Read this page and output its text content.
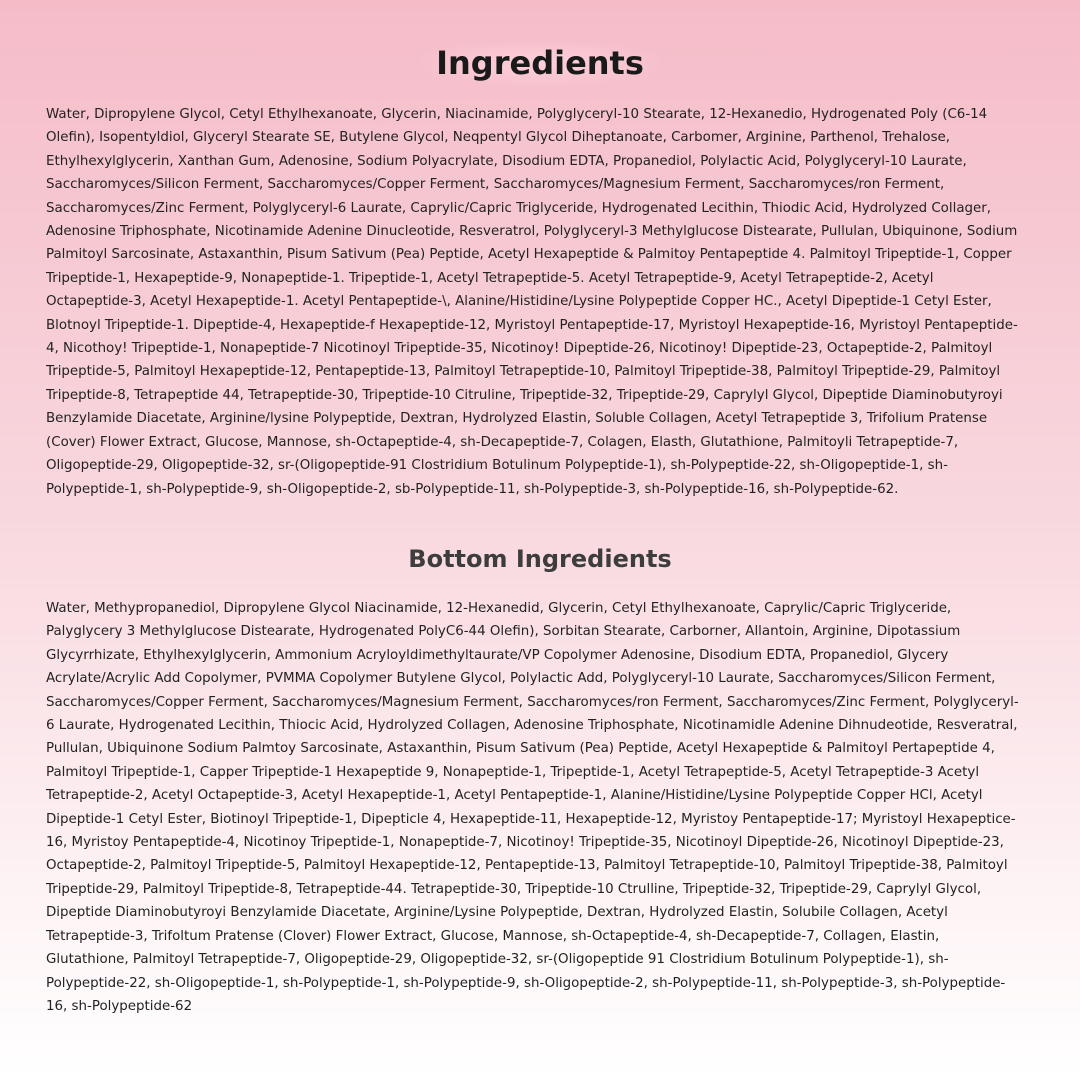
Ingredients

Water, Dipropylene Glycol, Cetyl Ethylhexanoate, Glycerin, Niacinamide, Polyglyceryl-10 Stearate, 12-Hexanedio, Hydrogenated Poly (C6-14 Olefin), Isopentyldiol, Glyceryl Stearate SE, Butylene Glycol, Neqpentyl Glycol Diheptanoate, Carbomer, Arginine, Parthenol, Trehalose, Ethylhexylglycerin, Xanthan Gum, Adenosine, Sodium Polyacrylate, Disodium EDTA, Propanediol, Polylactic Acid, Polyglyceryl-10 Laurate, Saccharomyces/Silicon Ferment, Saccharomyces/Copper Ferment, Saccharomyces/Magnesium Ferment, Saccharomyces/ron Ferment, Saccharomyces/Zinc Ferment, Polyglyceryl-6 Laurate, Caprylic/Capric Triglyceride, Hydrogenated Lecithin, Thiodic Acid, Hydrolyzed Collager, Adenosine Triphosphate, Nicotinamide Adenine Dinucleotide, Resveratrol, Polyglyceryl-3 Methylglucose Distearate, Pullulan, Ubiquinone, Sodium Palmitoyl Sarcosinate, Astaxanthin, Pisum Sativum (Pea) Peptide, Acetyl Hexapeptide & Palmitoy Pentapeptide 4. Palmitoyl Tripeptide-1, Copper Tripeptide-1, Hexapeptide-9, Nonapeptide-1. Tripeptide-1, Acetyl Tetrapeptide-5. Acetyl Tetrapeptide-9, Acetyl Tetrapeptide-2, Acetyl Octapeptide-3, Acetyl Hexapeptide-1. Acetyl Pentapeptide-\, Alanine/Histidine/Lysine Polypeptide Copper HC., Acetyl Dipeptide-1 Cetyl Ester, Blotnoyl Tripeptide-1. Dipeptide-4, Hexapeptide-f Hexapeptide-12, Myristoyl Pentapeptide-17, Myristoyl Hexapeptide-16, Myristoyl Pentapeptide-4, Nicothoy! Tripeptide-1, Nonapeptide-7 Nicotinoyl Tripeptide-35, Nicotinoy! Dipeptide-26, Nicotinoy! Dipeptide-23, Octapeptide-2, Palmitoyl Tripeptide-5, Palmitoyl Hexapeptide-12, Pentapeptide-13, Palmitoyl Tetrapeptide-10, Palmitoyl Tripeptide-38, Palmitoyl Tripeptide-29, Palmitoyl Tripeptide-8, Tetrapeptide 44, Tetrapeptide-30, Tripeptide-10 Citruline, Tripeptide-32, Tripeptide-29, Caprylyl Glycol, Dipeptide Diaminobutyroyi Benzylamide Diacetate, Arginine/lysine Polypeptide, Dextran, Hydrolyzed Elastin, Soluble Collagen, Acetyl Tetrapeptide 3, Trifolium Pratense (Cover) Flower Extract, Glucose, Mannose, sh-Octapeptide-4, sh-Decapeptide-7, Colagen, Elasth, Glutathione, Palmitoyli Tetrapeptide-7, Oligopeptide-29, Oligopeptide-32, sr-(Oligopeptide-91 Clostridium Botulinum Polypeptide-1), sh-Polypeptide-22, sh-Oligopeptide-1, sh-Polypeptide-1, sh-Polypeptide-9, sh-Oligopeptide-2, sb-Polypeptide-11, sh-Polypeptide-3, sh-Polypeptide-16, sh-Polypeptide-62.

Bottom Ingredients

Water, Methypropanediol, Dipropylene Glycol Niacinamide, 12-Hexanedid, Glycerin, Cetyl Ethylhexanoate, Caprylic/Capric Triglyceride, Palyglycery 3 Methylglucose Distearate, Hydrogenated PolyC6-44 Olefin), Sorbitan Stearate, Carborner, Allantoin, Arginine, Dipotassium Glycyrrhizate, Ethylhexylglycerin, Ammonium Acryloyldimethyltaurate/VP Copolymer Adenosine, Disodium EDTA, Propanediol, Glycery Acrylate/Acrylic Add Copolymer, PVMMA Copolymer Butylene Glycol, Polylactic Add, Polyglyceryl-10 Laurate, Saccharomyces/Silicon Ferment, Saccharomyces/Copper Ferment, Saccharomyces/Magnesium Ferment, Saccharomyces/ron Ferment, Saccharomyces/Zinc Ferment, Polyglyceryl-6 Laurate, Hydrogenated Lecithin, Thiocic Acid, Hydrolyzed Collagen, Adenosine Triphosphate, Nicotinamidle Adenine Dihnudeotide, Resveratral, Pullulan, Ubiquinone Sodium Palmtoy Sarcosinate, Astaxanthin, Pisum Sativum (Pea) Peptide, Acetyl Hexapeptide & Palmitoyl Pertapeptide 4, Palmitoyl Tripeptide-1, Capper Tripeptide-1 Hexapeptide 9, Nonapeptide-1, Tripeptide-1, Acetyl Tetrapeptide-5, Acetyl Tetrapeptide-3 Acetyl Tetrapeptide-2, Acetyl Octapeptide-3, Acetyl Hexapeptide-1, Acetyl Pentapeptide-1, Alanine/Histidine/Lysine Polypeptide Copper HCl, Acetyl Dipeptide-1 Cetyl Ester, Biotinoyl Tripeptide-1, Dipepticle 4, Hexapeptide-11, Hexapeptide-12, Myristoy Pentapeptide-17; Myristoyl Hexapeptice-16, Myristoy Pentapeptide-4, Nicotinoy Tripeptide-1, Nonapeptide-7, Nicotinoy! Tripeptide-35, Nicotinoyl Dipeptide-26, Nicotinoyl Dipeptide-23, Octapeptide-2, Palmitoyl Tripeptide-5, Palmitoyl Hexapeptide-12, Pentapeptide-13, Palmitoyl Tetrapeptide-10, Palmitoyl Tripeptide-38, Palmitoyl Tripeptide-29, Palmitoyl Tripeptide-8, Tetrapeptide-44. Tetrapeptide-30, Tripeptide-10 Ctrulline, Tripeptide-32, Tripeptide-29, Caprylyl Glycol, Dipeptide Diaminobutyroyi Benzylamide Diacetate, Arginine/Lysine Polypeptide, Dextran, Hydrolyzed Elastin, Solubile Collagen, Acetyl Tetrapeptide-3, Trifoltum Pratense (Clover) Flower Extract, Glucose, Mannose, sh-Octapeptide-4, sh-Decapeptide-7, Collagen, Elastin, Glutathione, Palmitoyl Tetrapeptide-7, Oligopeptide-29, Oligopeptide-32, sr-(Oligopeptide 91 Clostridium Botulinum Polypeptide-1), sh-Polypeptide-22, sh-Oligopeptide-1, sh-Polypeptide-1, sh-Polypeptide-9, sh-Oligopeptide-2, sh-Polypeptide-11, sh-Polypeptide-3, sh-Polypeptide-16, sh-Polypeptide-62
